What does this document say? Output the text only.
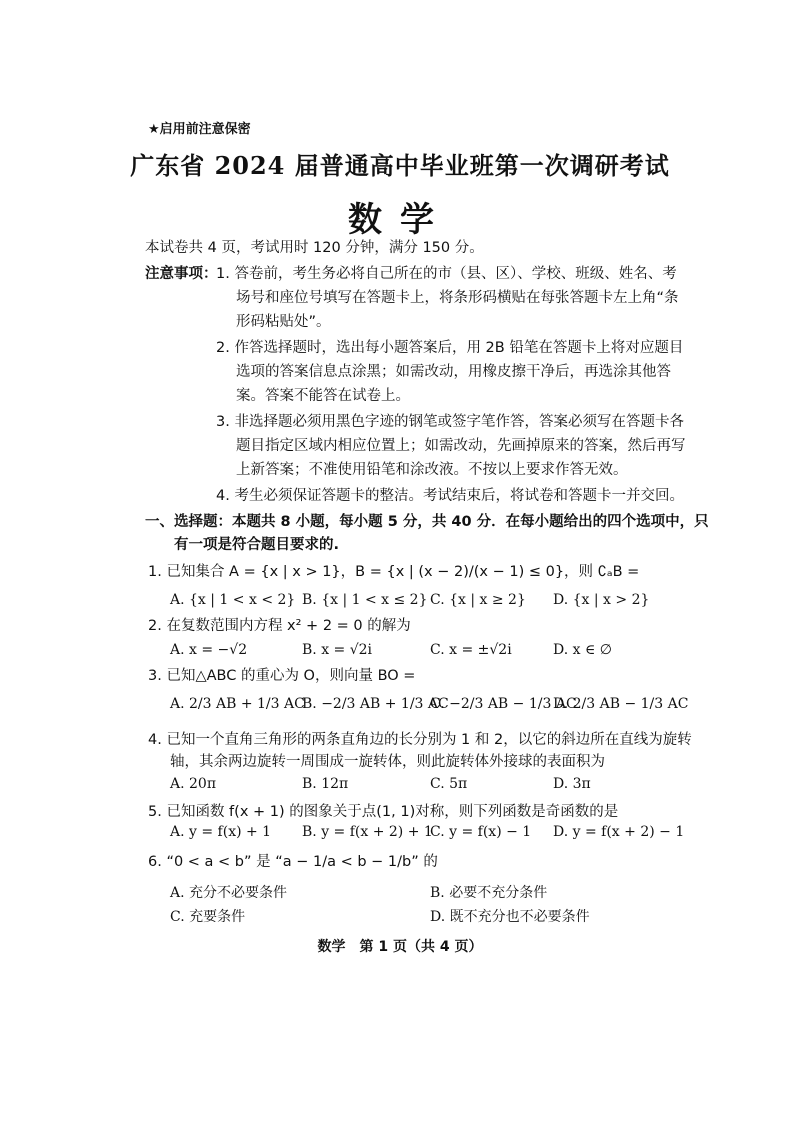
★启用前注意保密
广东省 2024 届普通高中毕业班第一次调研考试
数学
本试卷共 4 页，考试用时 120 分钟，满分 150 分。
注意事项：
1. 答卷前，考生务必将自己所在的市（县、区）、学校、班级、姓名、考
场号和座位号填写在答题卡上，将条形码横贴在每张答题卡左上角“条
形码粘贴处”。
2. 作答选择题时，选出每小题答案后，用 2B 铅笔在答题卡上将对应题目
选项的答案信息点涂黑；如需改动，用橡皮擦干净后，再选涂其他答
案。答案不能答在试卷上。
3. 非选择题必须用黑色字迹的钢笔或签字笔作答，答案必须写在答题卡各
题目指定区域内相应位置上；如需改动，先画掉原来的答案，然后再写
上新答案；不准使用铅笔和涂改液。不按以上要求作答无效。
4. 考生必须保证答题卡的整洁。考试结束后，将试卷和答题卡一并交回。
一、选择题：本题共 8 小题，每小题 5 分，共 40 分．在每小题给出的四个选项中，只
有一项是符合题目要求的.
1. 已知集合 A = {x | x > 1}，B = {x | (x − 2)/(x − 1) ≤ 0}，则 ∁ₐB =
A. {x | 1 < x < 2} B. {x | 1 < x ≤ 2} C. {x | x ≥ 2} D. {x | x > 2}
2. 在复数范围内方程 x² + 2 = 0 的解为
A. x = −√2	B. x = √2i	C. x = ±√2i	D. x ∈ ∅
3. 已知△ABC 的重心为 O，则向量 BO =
A. 2/3 AB + 1/3 AC
B. −2/3 AB + 1/3 AC
C. −2/3 AB − 1/3 AC
D. 2/3 AB − 1/3 AC
4. 已知一个直角三角形的两条直角边的长分别为 1 和 2，以它的斜边所在直线为旋转
轴，其余两边旋转一周围成一旋转体，则此旋转体外接球的表面积为
A. 20π	B. 12π	C. 5π	D. 3π
5. 已知函数 f(x + 1) 的图象关于点(1, 1)对称，则下列函数是奇函数的是
A. y = f(x) + 1 B. y = f(x + 2) + 1
C. y = f(x) − 1 D. y = f(x + 2) − 1
6. “0 < a < b” 是 “a − 1/a < b − 1/b” 的
A. 充分不必要条件	B. 必要不充分条件
C. 充要条件	D. 既不充分也不必要条件
数学　第 1 页（共 4 页）
